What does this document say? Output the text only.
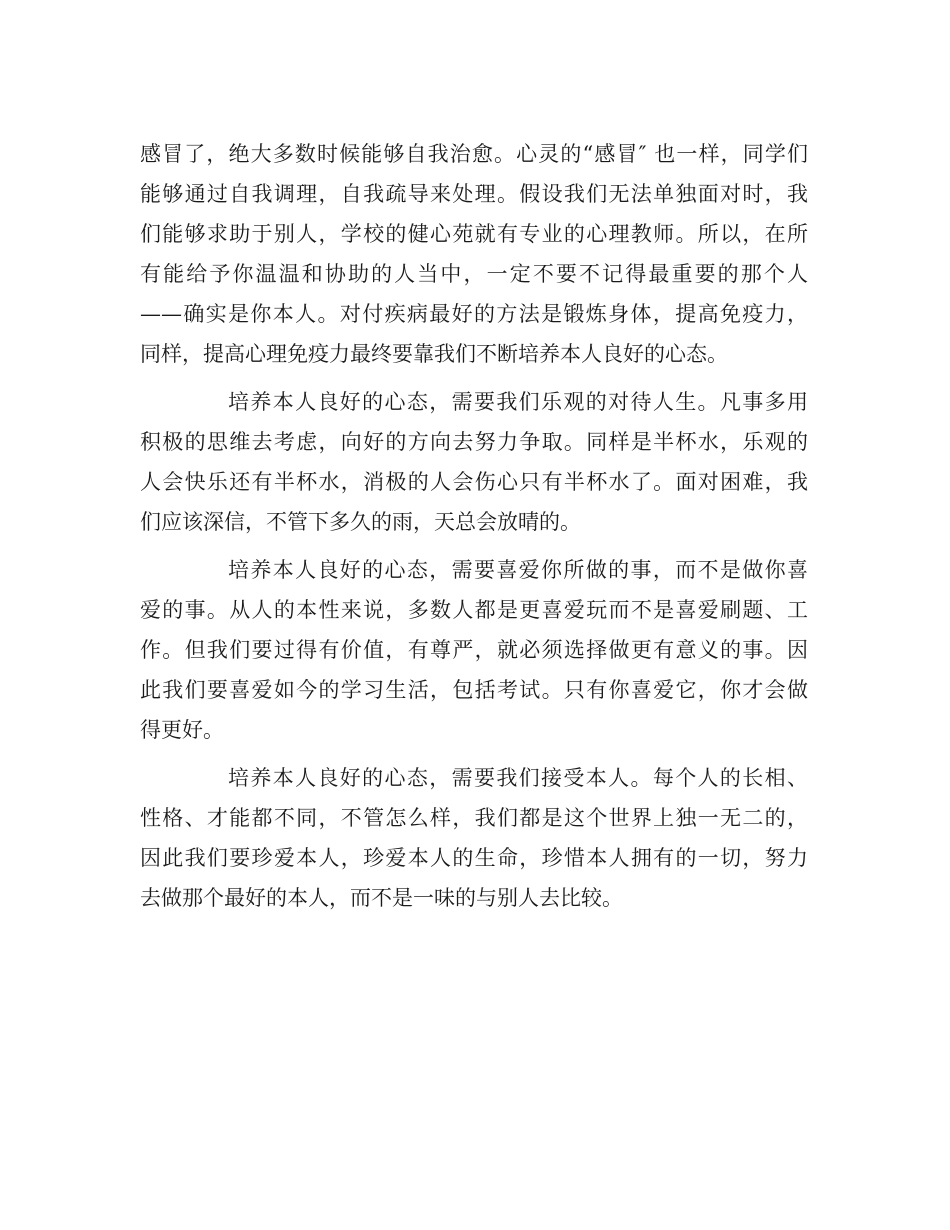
感冒了，绝大多数时候能够自我治愈。心灵的“感冒″ 也一样，同学们
能够通过自我调理，自我疏导来处理。假设我们无法单独面对时，我
们能够求助于别人，学校的健心苑就有专业的心理教师。所以，在所
有能给予你温温和协助的人当中，一定不要不记得最重要的那个人
——确实是你本人。对付疾病最好的方法是锻炼身体，提高免疫力，
同样，提高心理免疫力最终要靠我们不断培养本人良好的心态。
培养本人良好的心态，需要我们乐观的对待人生。凡事多用
积极的思维去考虑，向好的方向去努力争取。同样是半杯水，乐观的
人会快乐还有半杯水，消极的人会伤心只有半杯水了。面对困难，我
们应该深信，不管下多久的雨，天总会放晴的。
培养本人良好的心态，需要喜爱你所做的事，而不是做你喜
爱的事。从人的本性来说，多数人都是更喜爱玩而不是喜爱刷题、工
作。但我们要过得有价值，有尊严，就必须选择做更有意义的事。因
此我们要喜爱如今的学习生活，包括考试。只有你喜爱它，你才会做
得更好。
培养本人良好的心态，需要我们接受本人。每个人的长相、
性格、才能都不同，不管怎么样，我们都是这个世界上独一无二的，
因此我们要珍爱本人，珍爱本人的生命，珍惜本人拥有的一切，努力
去做那个最好的本人，而不是一味的与别人去比较。
